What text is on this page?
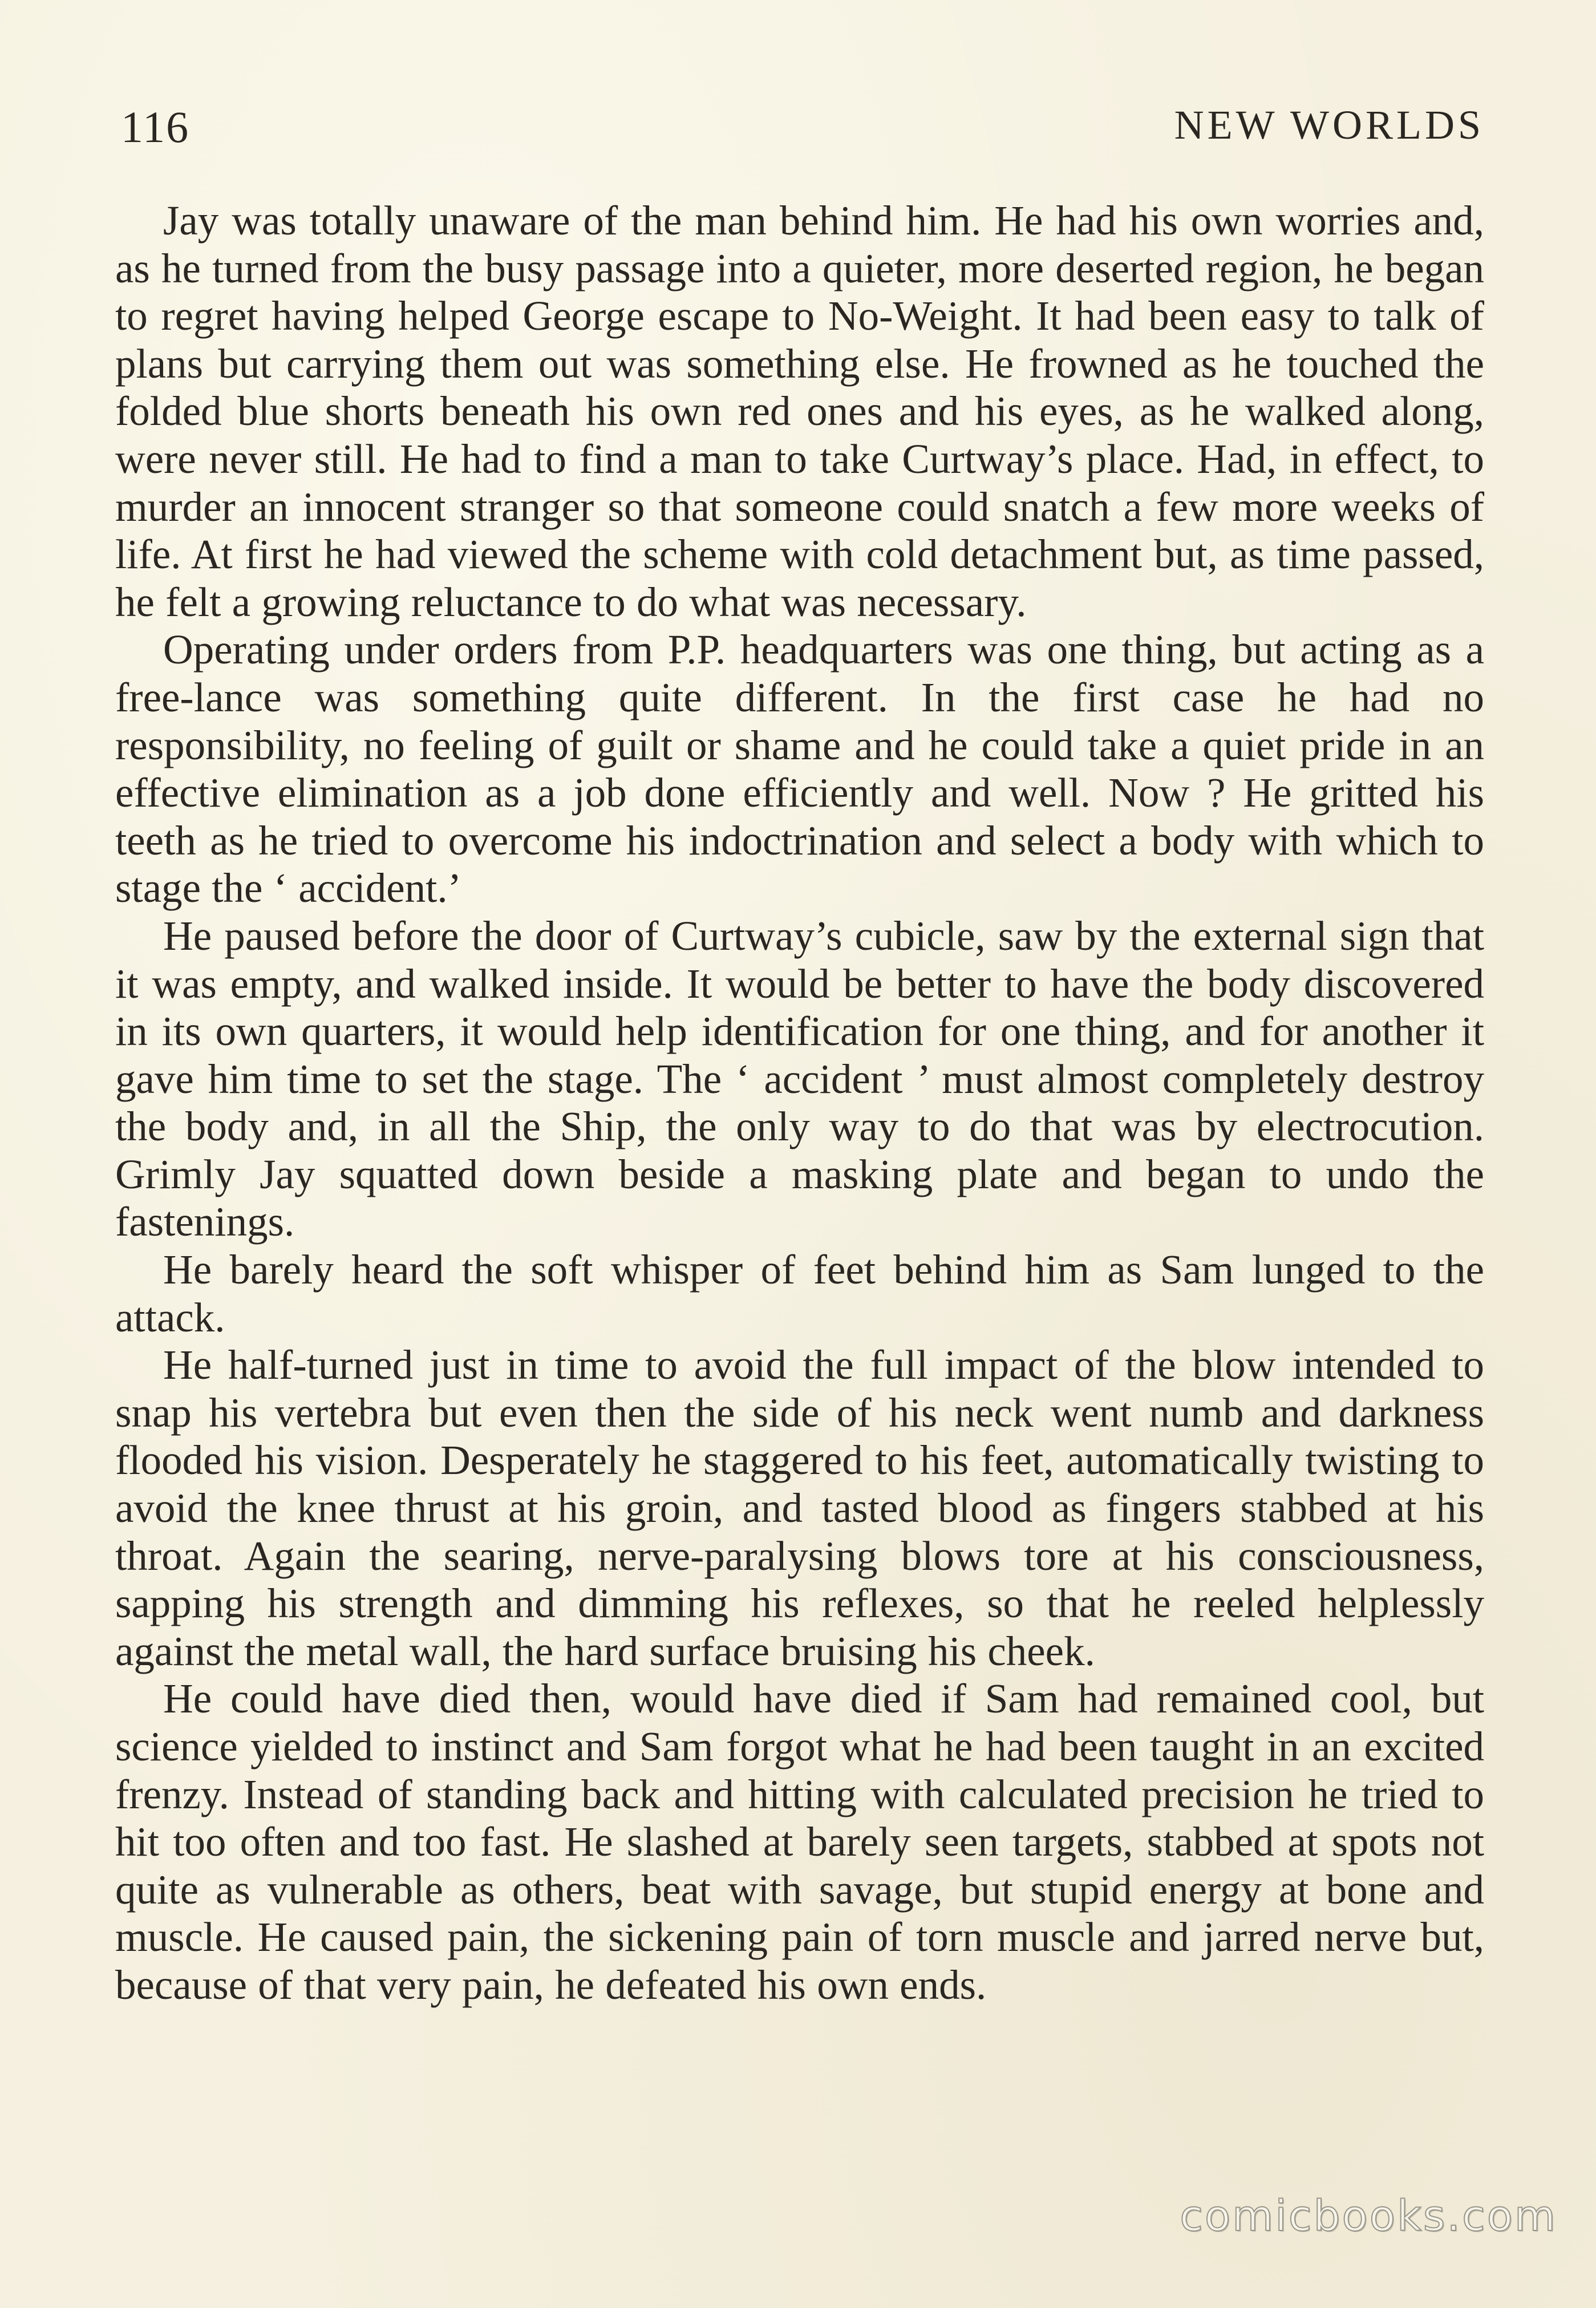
116	NEW WORLDS

Jay was totally unaware of the man behind him. He had his own worries and, as he turned from the busy passage into a quieter, more deserted region, he began to regret having helped George escape to No-Weight. It had been easy to talk of plans but carrying them out was something else. He frowned as he touched the folded blue shorts beneath his own red ones and his eyes, as he walked along, were never still. He had to find a man to take Curtway’s place. Had, in effect, to murder an innocent stranger so that someone could snatch a few more weeks of life. At first he had viewed the scheme with cold detachment but, as time passed, he felt a growing reluctance to do what was necessary.

Operating under orders from P.P. headquarters was one thing, but acting as a free-lance was something quite different. In the first case he had no responsibility, no feeling of guilt or shame and he could take a quiet pride in an effective elimination as a job done efficiently and well. Now ? He gritted his teeth as he tried to overcome his indoctrination and select a body with which to stage the ‘ accident.’

He paused before the door of Curtway’s cubicle, saw by the external sign that it was empty, and walked inside. It would be better to have the body discovered in its own quarters, it would help identification for one thing, and for another it gave him time to set the stage. The ‘ accident ’ must almost completely destroy the body and, in all the Ship, the only way to do that was by electrocution. Grimly Jay squatted down beside a masking plate and began to undo the fastenings.

He barely heard the soft whisper of feet behind him as Sam lunged to the attack.

He half-turned just in time to avoid the full impact of the blow intended to snap his vertebra but even then the side of his neck went numb and darkness flooded his vision. Desperately he staggered to his feet, automatically twisting to avoid the knee thrust at his groin, and tasted blood as fingers stabbed at his throat. Again the searing, nerve-paralysing blows tore at his consciousness, sapping his strength and dimming his reflexes, so that he reeled helplessly against the metal wall, the hard surface bruising his cheek.

He could have died then, would have died if Sam had remained cool, but science yielded to instinct and Sam forgot what he had been taught in an excited frenzy. Instead of standing back and hitting with calculated precision he tried to hit too often and too fast. He slashed at barely seen targets, stabbed at spots not quite as vulnerable as others, beat with savage, but stupid energy at bone and muscle. He caused pain, the sickening pain of torn muscle and jarred nerve but, because of that very pain, he defeated his own ends.

comicbooks.com
